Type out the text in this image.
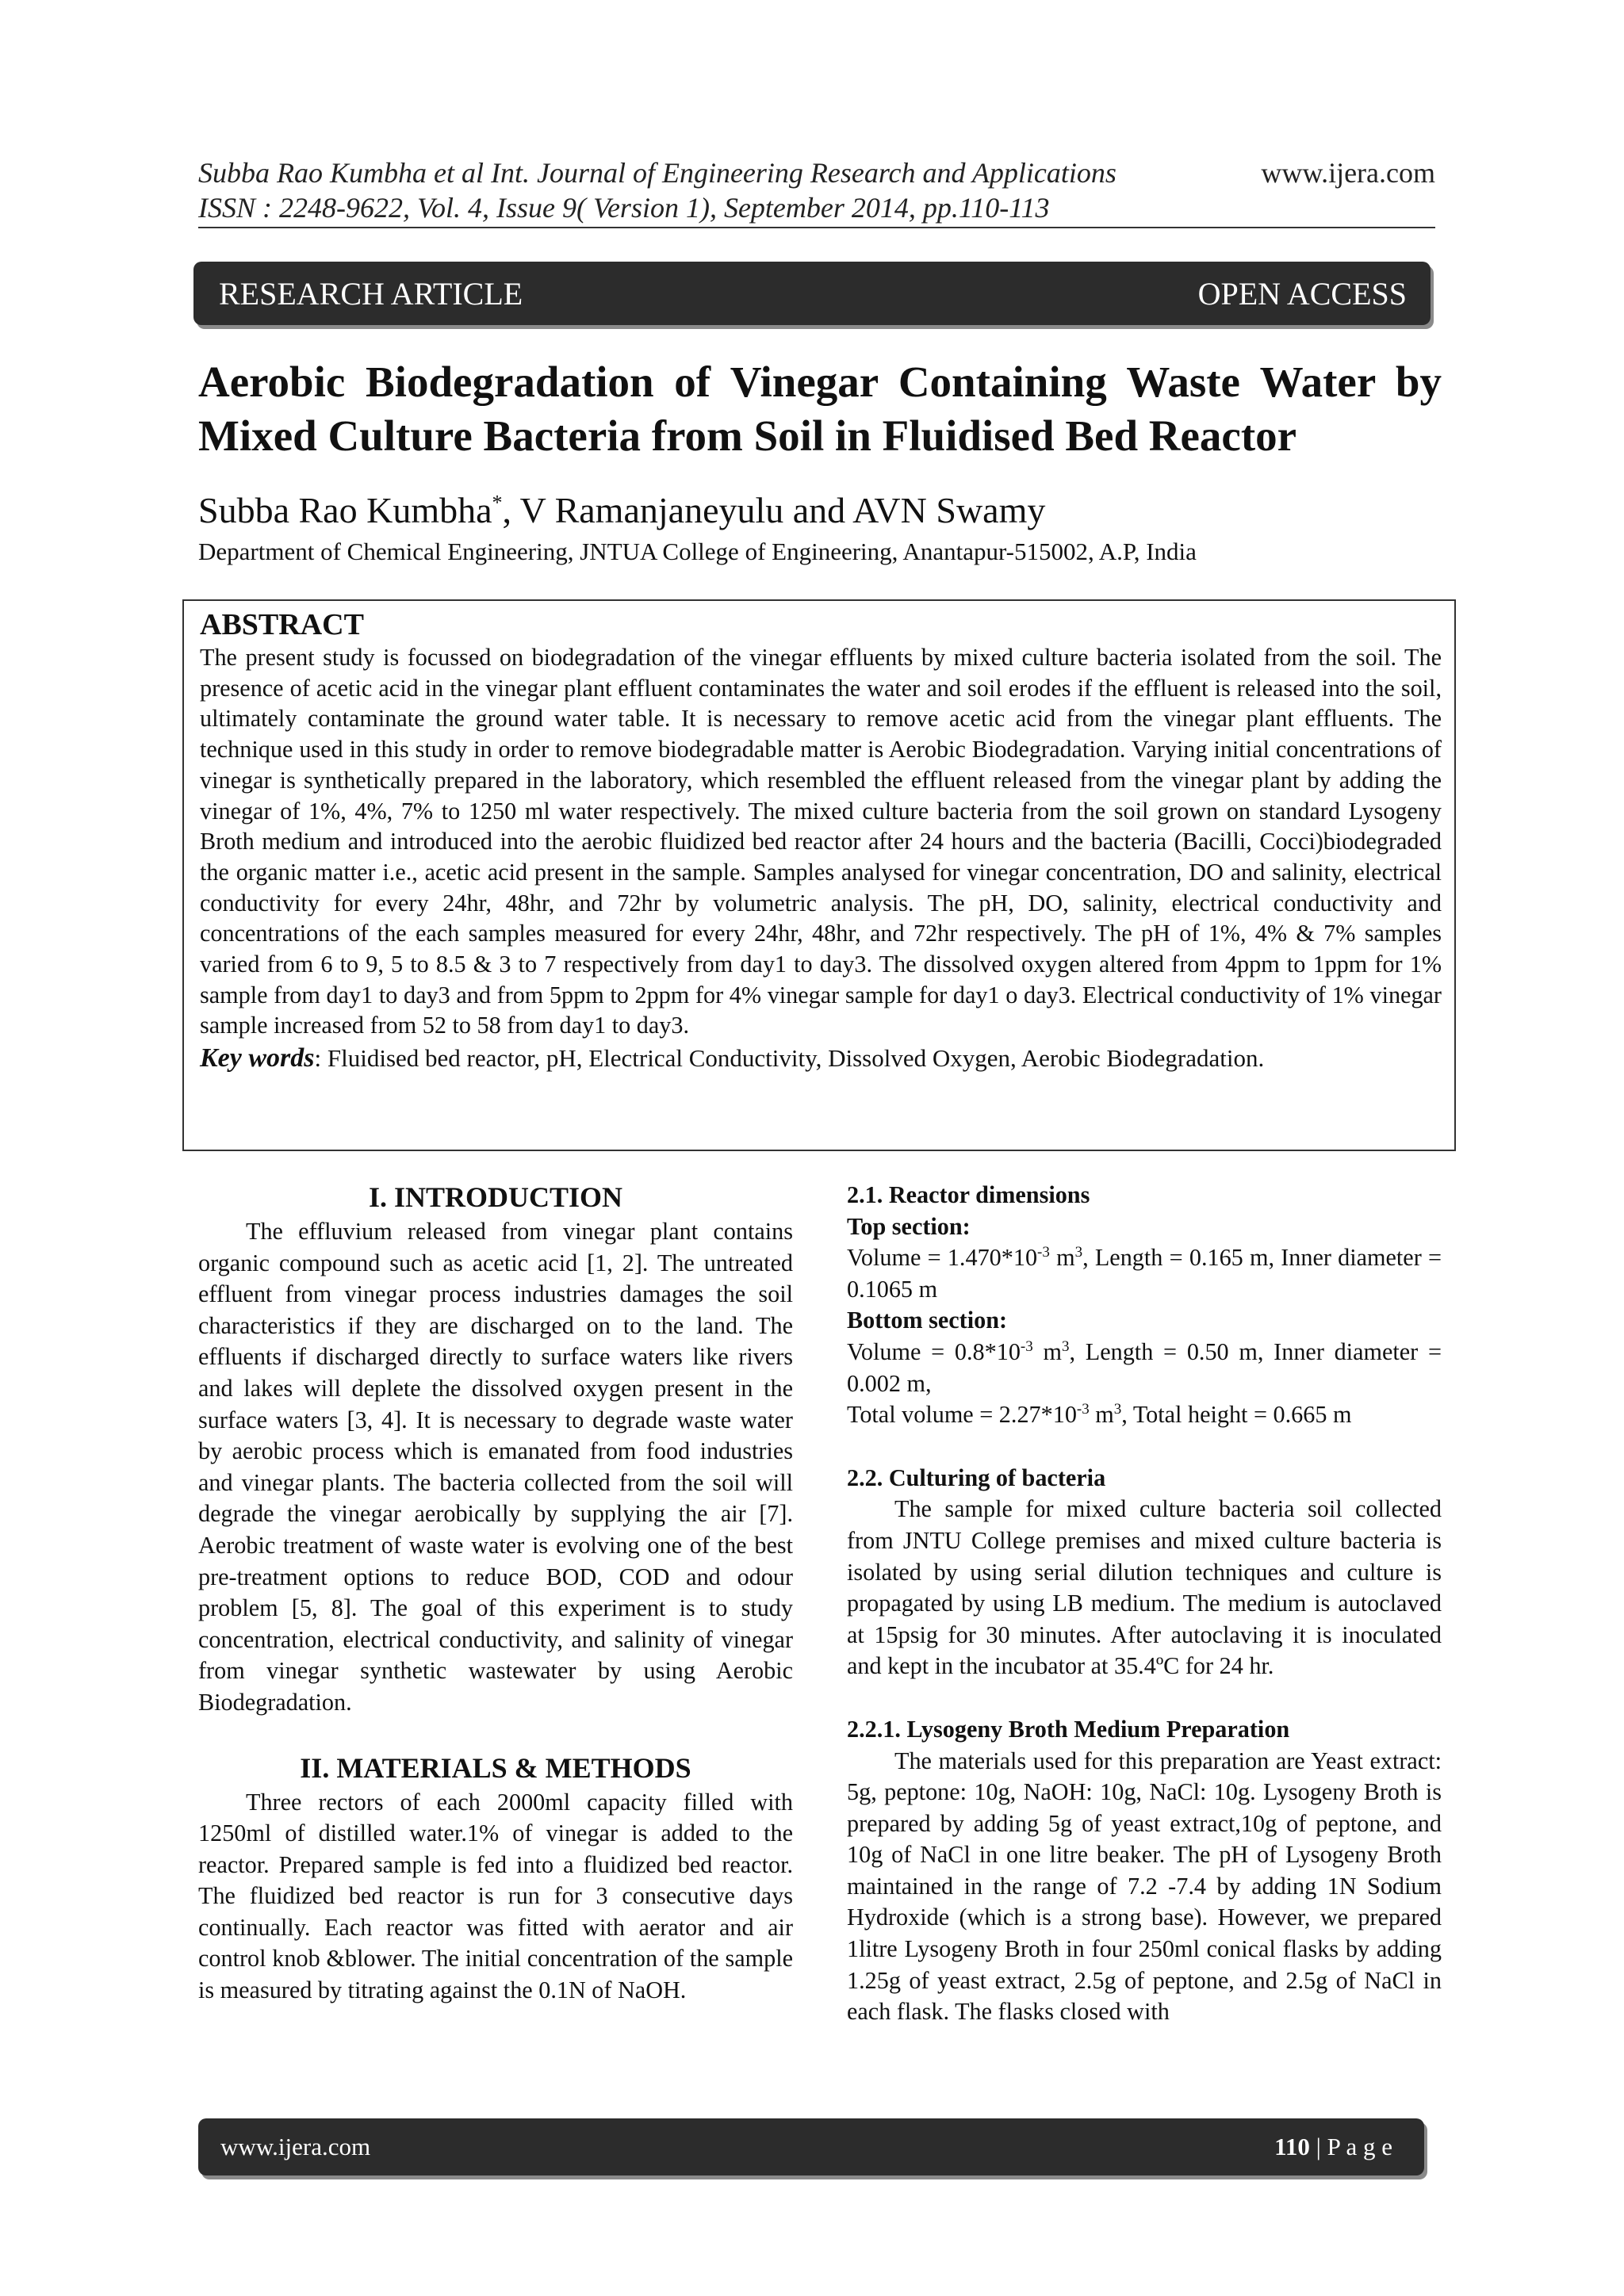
Subba Rao Kumbha et al Int. Journal of Engineering Research and Applications
ISSN : 2248-9622, Vol. 4, Issue 9( Version 1), September 2014, pp.110-113
www.ijera.com
RESEARCH ARTICLE	OPEN ACCESS
Aerobic Biodegradation of Vinegar Containing Waste Water by
Mixed Culture Bacteria from Soil in Fluidised Bed Reactor
Subba Rao Kumbha*, V Ramanjaneyulu and AVN Swamy
Department of Chemical Engineering, JNTUA College of Engineering, Anantapur-515002, A.P, India
ABSTRACT

The present study is focussed on biodegradation of the vinegar effluents by mixed culture bacteria isolated from the soil. The presence of acetic acid in the vinegar plant effluent contaminates the water and soil erodes if the effluent is released into the soil, ultimately contaminate the ground water table. It is necessary to remove acetic acid from the vinegar plant effluents. The technique used in this study in order to remove biodegradable matter is Aerobic Biodegradation. Varying initial concentrations of vinegar is synthetically prepared in the laboratory, which resembled the effluent released from the vinegar plant by adding the vinegar of 1%, 4%, 7% to 1250 ml water respectively. The mixed culture bacteria from the soil grown on standard Lysogeny Broth medium and introduced into the aerobic fluidized bed reactor after 24 hours and the bacteria (Bacilli, Cocci)biodegraded the organic matter i.e., acetic acid present in the sample. Samples analysed for vinegar concentration, DO and salinity, electrical conductivity for every 24hr, 48hr, and 72hr by volumetric analysis. The pH, DO, salinity, electrical conductivity and concentrations of the each samples measured for every 24hr, 48hr, and 72hr respectively. The pH of 1%, 4% & 7% samples varied from 6 to 9, 5 to 8.5 & 3 to 7 respectively from day1 to day3. The dissolved oxygen altered from 4ppm to 1ppm for 1% sample from day1 to day3 and from 5ppm to 2ppm for 4% vinegar sample for day1 o day3. Electrical conductivity of 1% vinegar sample increased from 52 to 58 from day1 to day3.

Key words: Fluidised bed reactor, pH, Electrical Conductivity, Dissolved Oxygen, Aerobic Biodegradation.

I. INTRODUCTION

The effluvium released from vinegar plant contains organic compound such as acetic acid [1, 2]. The untreated effluent from vinegar process industries damages the soil characteristics if they are discharged on to the land. The effluents if discharged directly to surface waters like rivers and lakes will deplete the dissolved oxygen present in the surface waters [3, 4]. It is necessary to degrade waste water by aerobic process which is emanated from food industries and vinegar plants. The bacteria collected from the soil will degrade the vinegar aerobically by supplying the air [7]. Aerobic treatment of waste water is evolving one of the best pre-treatment options to reduce BOD, COD and odour problem [5, 8]. The goal of this experiment is to study concentration, electrical conductivity, and salinity of vinegar from vinegar synthetic wastewater by using Aerobic Biodegradation.

II. MATERIALS & METHODS

Three rectors of each 2000ml capacity filled with 1250ml of distilled water.1% of vinegar is added to the reactor. Prepared sample is fed into a fluidized bed reactor. The fluidized bed reactor is run for 3 consecutive days continually. Each reactor was fitted with aerator and air control knob &blower. The initial concentration of the sample is measured by titrating against the 0.1N of NaOH.

2.1. Reactor dimensions
Top section:

Volume = $1.470*10^{-3}$ $m^3$, Length = 0.165 m, Inner diameter = 0.1065 m

Bottom section:

Volume = $0.8*10^{-3}$ $m^3$, Length = 0.50 m, Inner diameter = 0.002 m,

Total volume = $2.27*10^{-3}$ $m^3$, Total height = 0.665 m

2.2. Culturing of bacteria

The sample for mixed culture bacteria soil collected from JNTU College premises and mixed culture bacteria is isolated by using serial dilution techniques and culture is propagated by using LB medium. The medium is autoclaved at 15psig for 30 minutes. After autoclaving it is inoculated and kept in the incubator at 35.4ºC for 24 hr.

2.2.1. Lysogeny Broth Medium Preparation

The materials used for this preparation are Yeast extract: 5g, peptone: 10g, NaOH: 10g, NaCl: 10g. Lysogeny Broth is prepared by adding 5g of yeast extract,10g of peptone, and 10g of NaCl in one litre beaker. The pH of Lysogeny Broth maintained in the range of 7.2 -7.4 by adding 1N Sodium Hydroxide (which is a strong base). However, we prepared 1litre Lysogeny Broth in four 250ml conical flasks by adding 1.25g of yeast extract, 2.5g of peptone, and 2.5g of NaCl in each flask. The flasks closed with

www.ijera.com	110 | P a g e
